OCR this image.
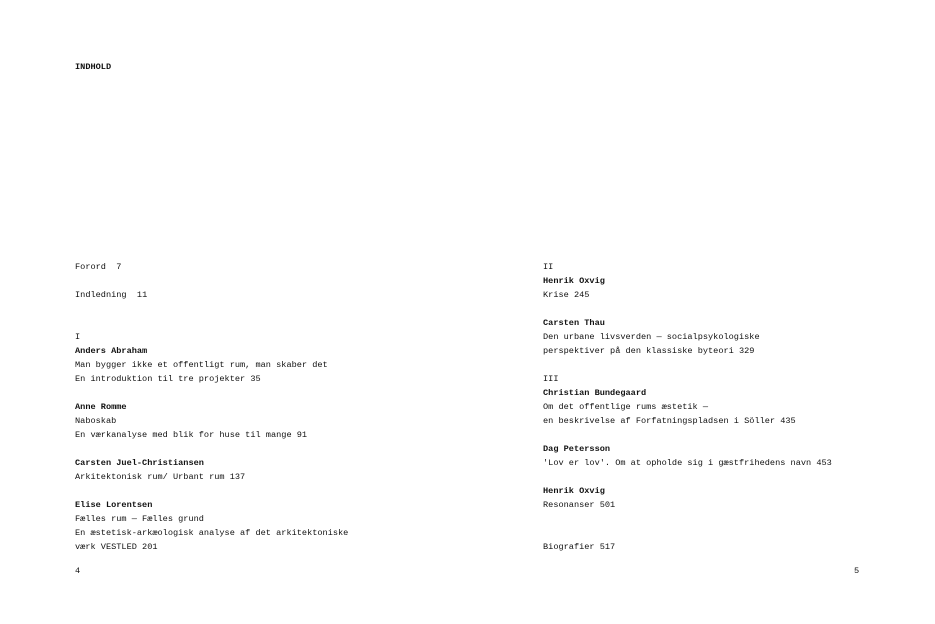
INDHOLD
Forord 7
Indledning 11
I
Anders Abraham
Man bygger ikke et offentligt rum, man skaber det
En introduktion til tre projekter 35
Anne Romme
Naboskab
En værkanalyse med blik for huse til mange 91
Carsten Juel-Christiansen
Arkitektonisk rum/ Urbant rum 137
Elise Lorentsen
Fælles rum — Fælles grund
En æstetisk-arkæologisk analyse af det arkitektoniske
værk VESTLED 201
4
II
Henrik Oxvig
Krise 245
Carsten Thau
Den urbane livsverden — socialpsykologiske
perspektiver på den klassiske byteori 329
III
Christian Bundegaard
Om det offentlige rums æstetik —
en beskrivelse af Forfatningspladsen i Söller 435
Dag Petersson
'Lov er lov'. Om at opholde sig i gæstfrihedens navn 453
Henrik Oxvig
Resonanser 501
Biografier 517
5
